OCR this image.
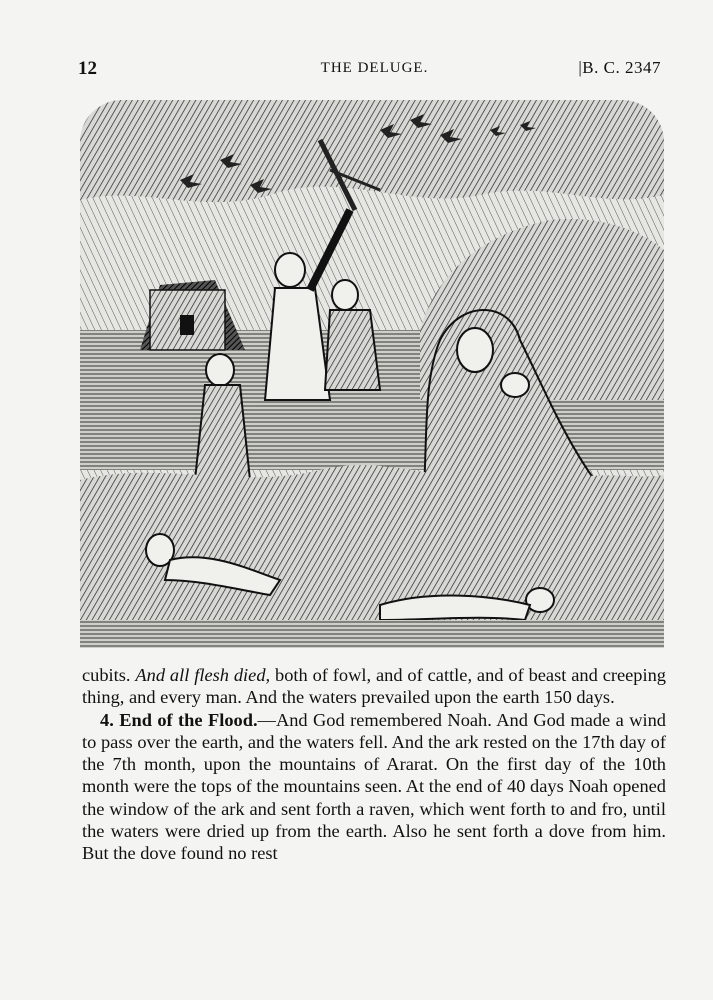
12	THE DELUGE.	|B. C. 2347

cubits. And all flesh died, both of fowl, and of cattle, and of beast and creeping thing, and every man. And the waters prevailed upon the earth 150 days.

4. End of the Flood.—And God remembered Noah. And God made a wind to pass over the earth, and the waters fell. And the ark rested on the 17th day of the 7th month, upon the mountains of Ararat. On the first day of the 10th month were the tops of the mountains seen. At the end of 40 days Noah opened the window of the ark and sent forth a raven, which went forth to and fro, until the waters were dried up from the earth. Also he sent forth a dove from him. But the dove found no rest
